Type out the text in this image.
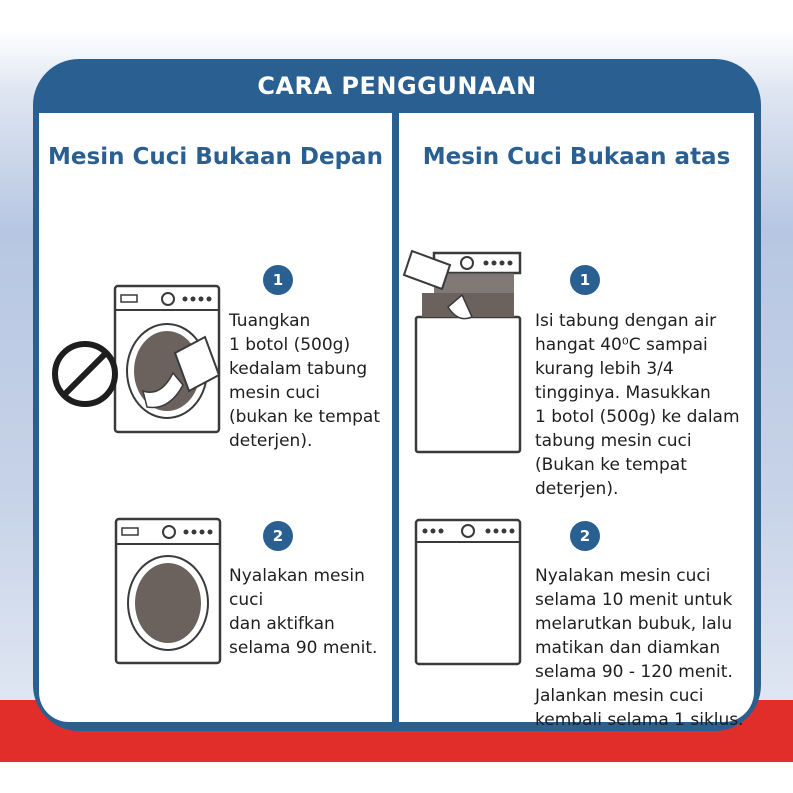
CARA PENGGUNAAN
Mesin Cuci Bukaan Depan
1
Tuangkan
1 botol (500g)
kedalam tabung
mesin cuci
(bukan ke tempat
deterjen).
2
Nyalakan mesin cuci
dan aktifkan
selama 90 menit.
Mesin Cuci Bukaan atas
1
Isi tabung dengan air
hangat 40⁰C sampai
kurang lebih 3/4
tingginya. Masukkan
1 botol (500g) ke dalam
tabung mesin cuci
(Bukan ke tempat
deterjen).
2
Nyalakan mesin cuci
selama 10 menit untuk
melarutkan bubuk, lalu
matikan dan diamkan
selama 90 - 120 menit.
Jalankan mesin cuci
kembali selama 1 siklus.
